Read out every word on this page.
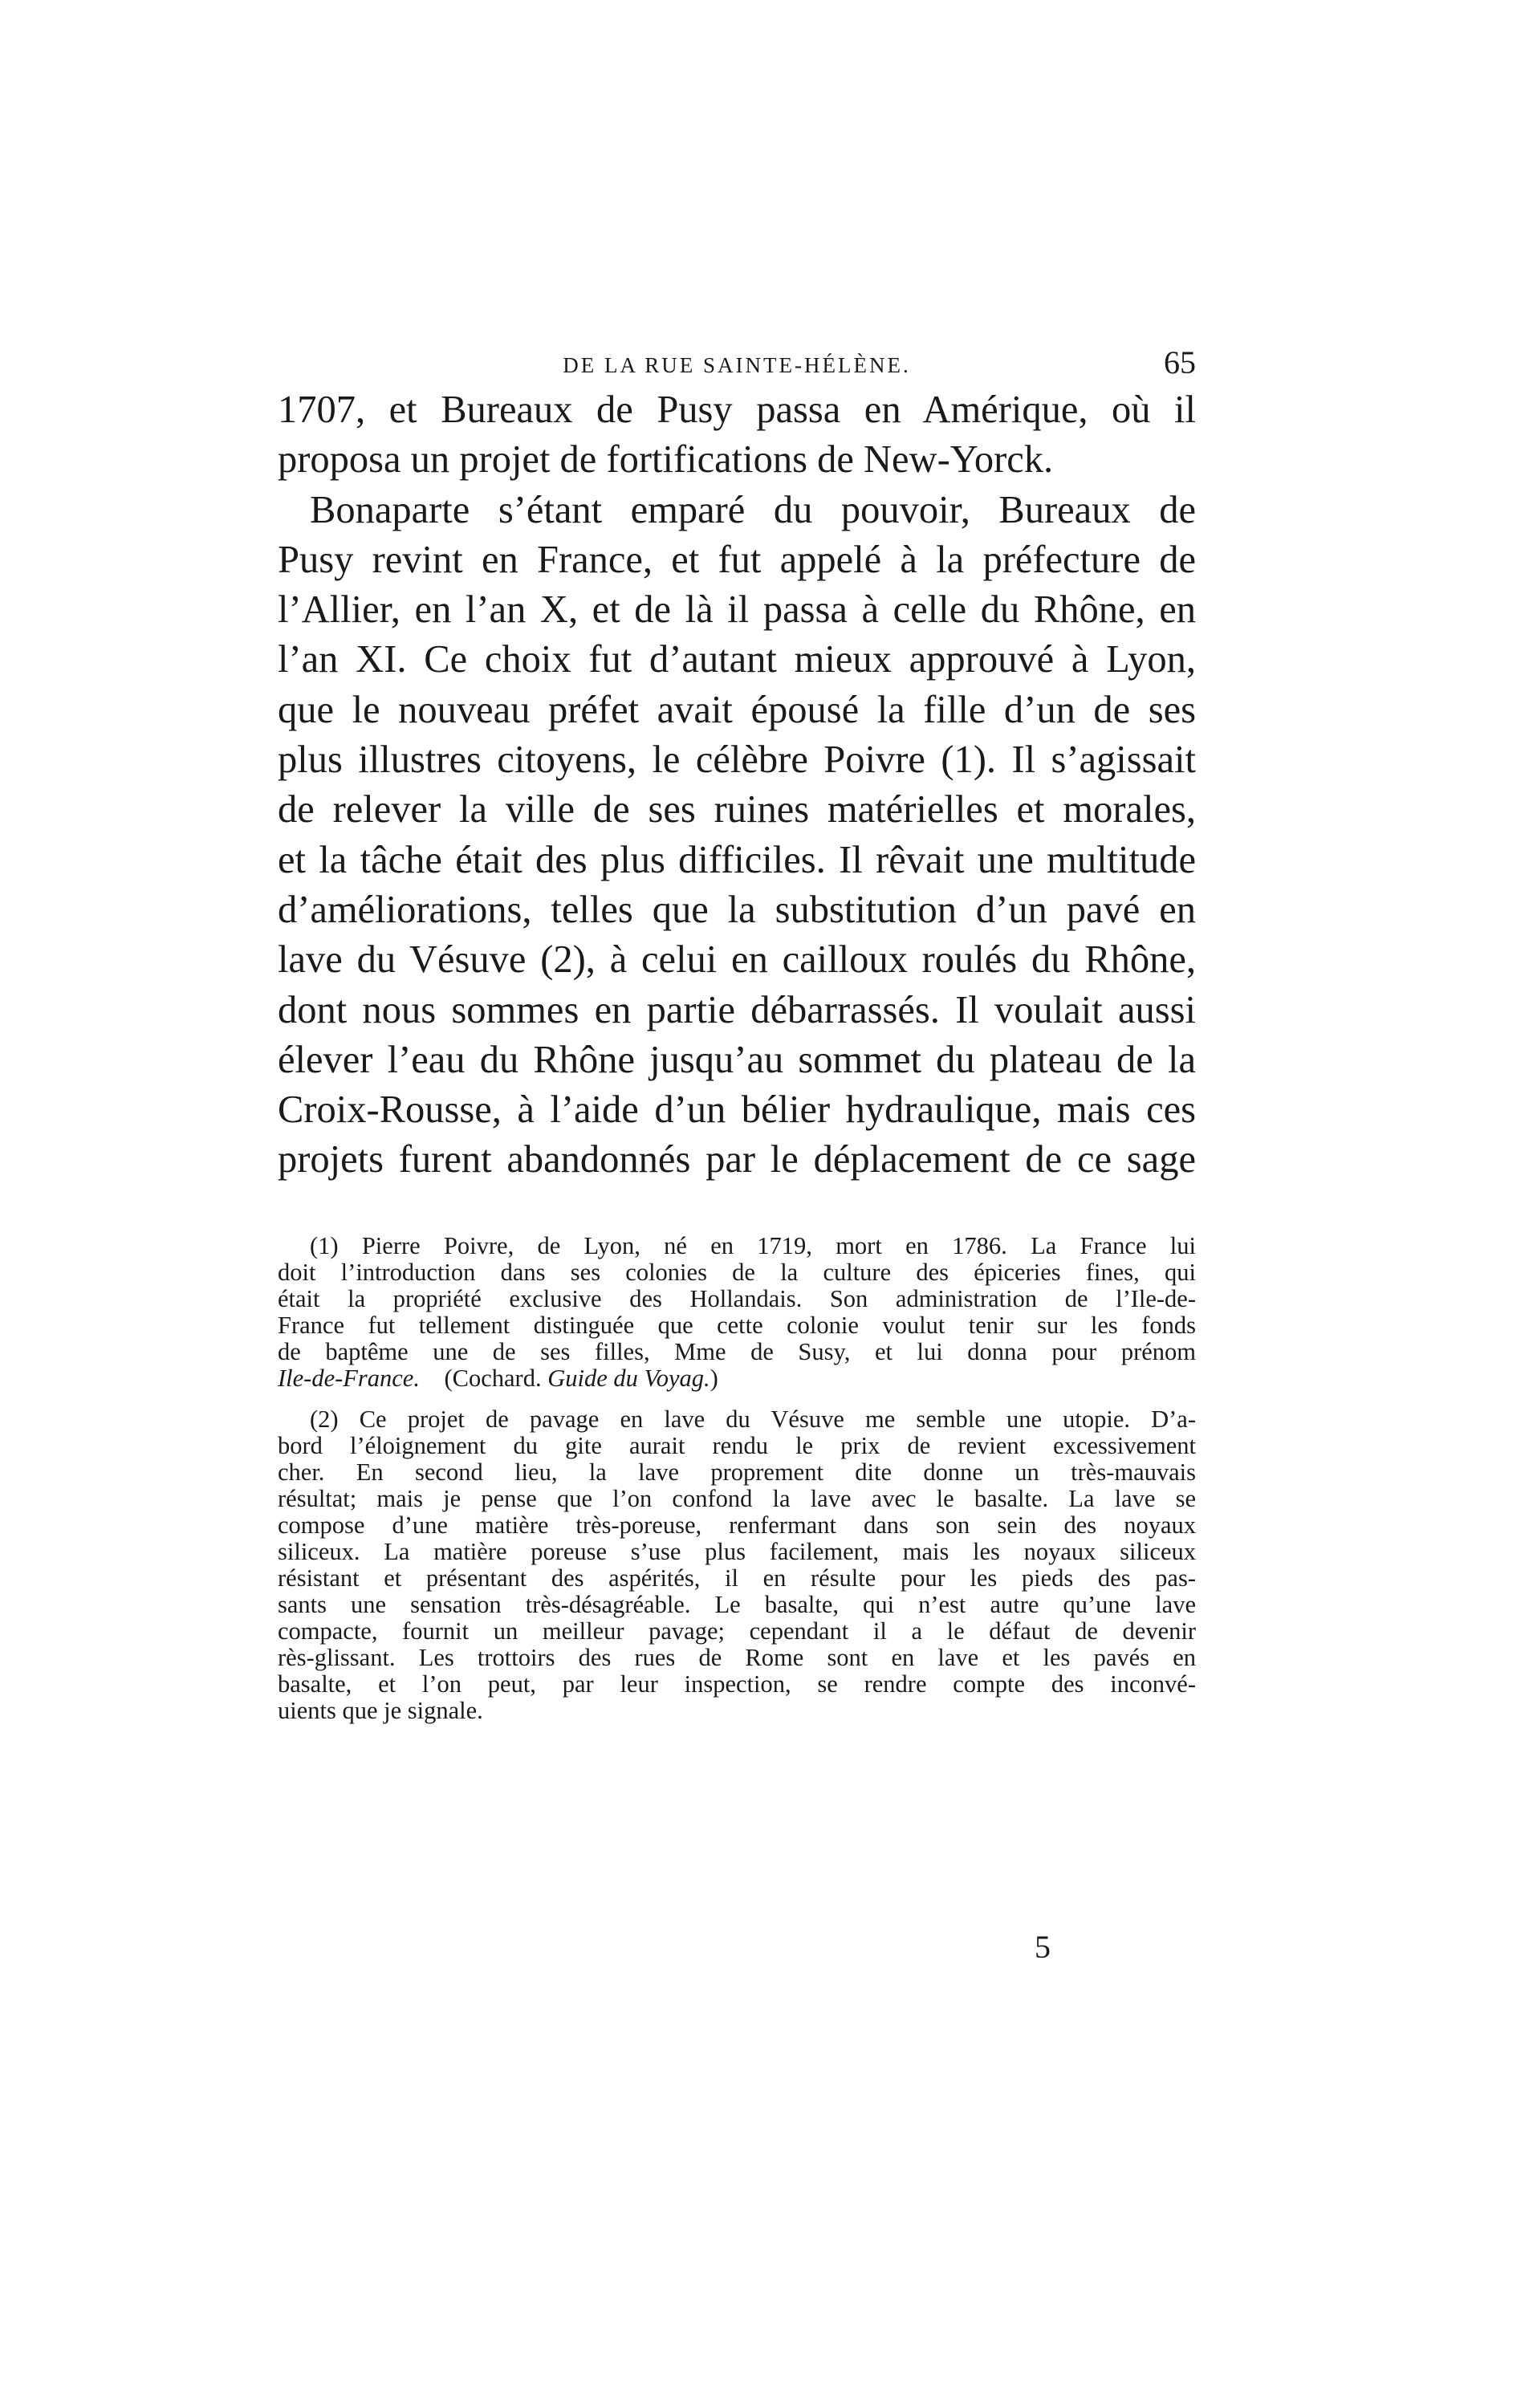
DE LA RUE SAINTE-HÉLÈNE.	65
1707, et Bureaux de Pusy passa en Amérique, où il
proposa un projet de fortifications de New-Yorck.
Bonaparte s’étant emparé du pouvoir, Bureaux de
Pusy revint en France, et fut appelé à la préfecture de
l’Allier, en l’an X, et de là il passa à celle du Rhône, en
l’an XI. Ce choix fut d’autant mieux approuvé à Lyon,
que le nouveau préfet avait épousé la fille d’un de ses
plus illustres citoyens, le célèbre Poivre (1). Il s’agissait
de relever la ville de ses ruines matérielles et morales,
et la tâche était des plus difficiles. Il rêvait une multitude
d’améliorations, telles que la substitution d’un pavé en
lave du Vésuve (2), à celui en cailloux roulés du Rhône,
dont nous sommes en partie débarrassés. Il voulait aussi
élever l’eau du Rhône jusqu’au sommet du plateau de la
Croix-Rousse, à l’aide d’un bélier hydraulique, mais ces
projets furent abandonnés par le déplacement de ce sage
(1) Pierre Poivre, de Lyon, né en 1719, mort en 1786. La France lui
doit l’introduction dans ses colonies de la culture des épiceries fines, qui
était la propriété exclusive des Hollandais. Son administration de l’Ile-de-
France fut tellement distinguée que cette colonie voulut tenir sur les fonds
de baptême une de ses filles, Mme de Susy, et lui donna pour prénom
Ile-de-France. (Cochard. Guide du Voyag.)
(2) Ce projet de pavage en lave du Vésuve me semble une utopie. D’a-
bord l’éloignement du gite aurait rendu le prix de revient excessivement
cher. En second lieu, la lave proprement dite donne un très-mauvais
résultat; mais je pense que l’on confond la lave avec le basalte. La lave se
compose d’une matière très-poreuse, renfermant dans son sein des noyaux
siliceux. La matière poreuse s’use plus facilement, mais les noyaux siliceux
résistant et présentant des aspérités, il en résulte pour les pieds des pas-
sants une sensation très-désagréable. Le basalte, qui n’est autre qu’une lave
compacte, fournit un meilleur pavage; cependant il a le défaut de devenir
rès-glissant. Les trottoirs des rues de Rome sont en lave et les pavés en
basalte, et l’on peut, par leur inspection, se rendre compte des inconvé-
uients que je signale.
5
